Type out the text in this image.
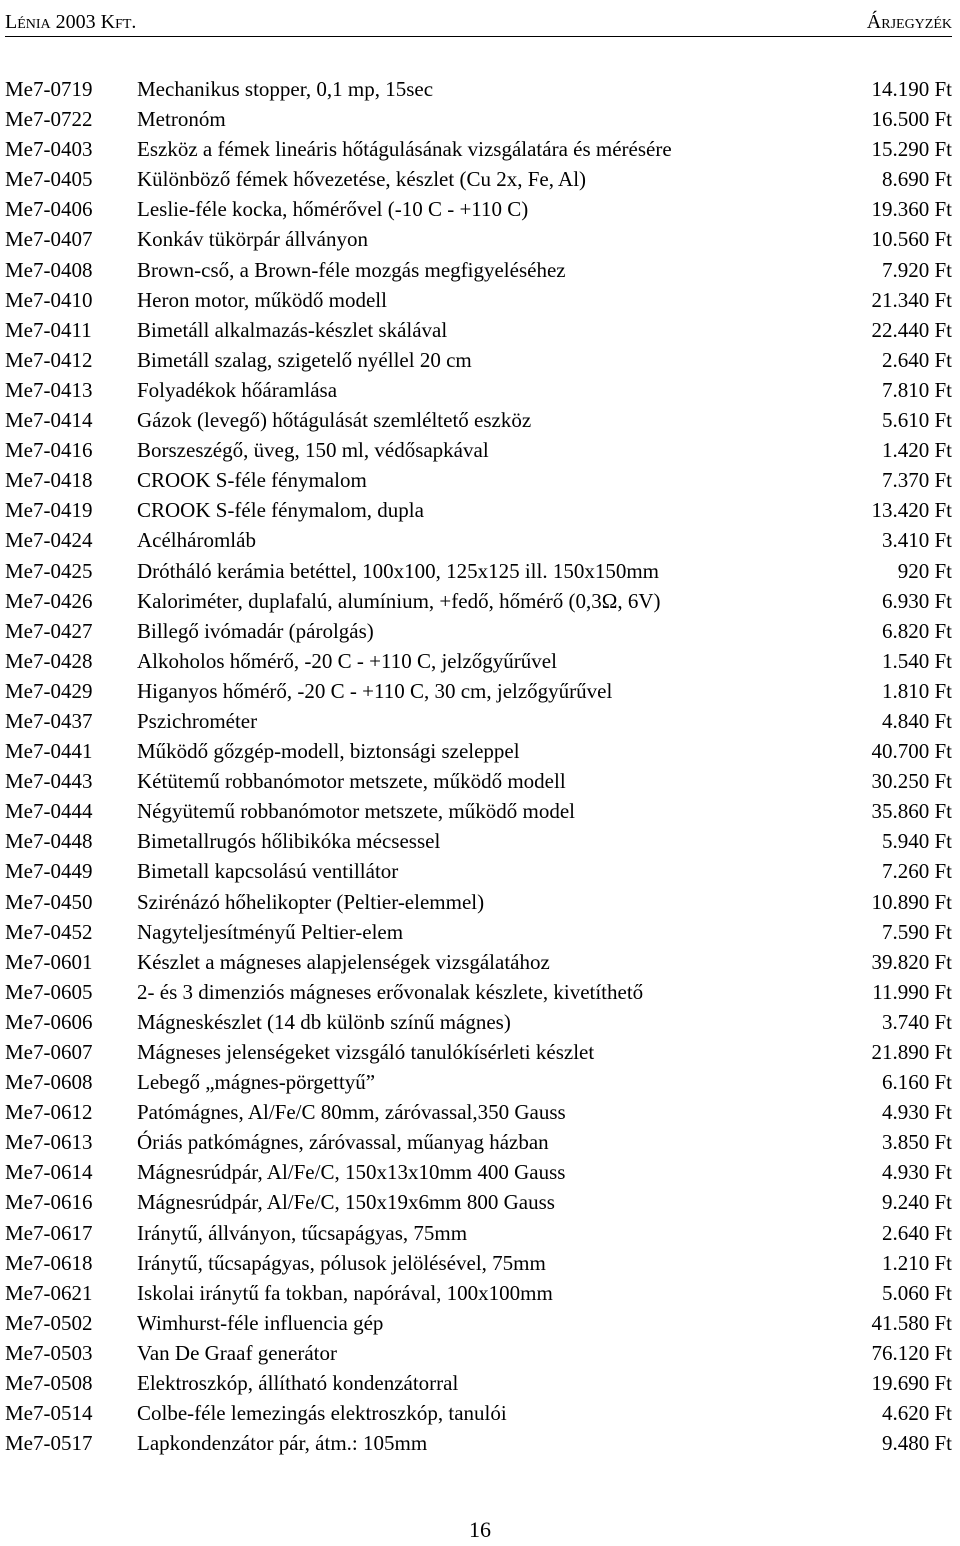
Lénia 2003 Kft.	Árjegyzék
Me7-0719 Mechanikus stopper, 0,1 mp, 15sec	14.190 Ft
Me7-0722 Metronóm	16.500 Ft
Me7-0403 Eszköz a fémek lineáris hőtágulásának vizsgálatára és mérésére	15.290 Ft
Me7-0405 Különböző fémek hővezetése, készlet (Cu 2x, Fe, Al)	8.690 Ft
Me7-0406 Leslie-féle kocka, hőmérővel (-10 C - +110 C)	19.360 Ft
Me7-0407 Konkáv tükörpár állványon	10.560 Ft
Me7-0408 Brown-cső, a Brown-féle mozgás megfigyeléséhez	7.920 Ft
Me7-0410 Heron motor, működő modell	21.340 Ft
Me7-0411 Bimetáll alkalmazás-készlet skálával	22.440 Ft
Me7-0412 Bimetáll szalag, szigetelő nyéllel 20 cm	2.640 Ft
Me7-0413 Folyadékok hőáramlása	7.810 Ft
Me7-0414 Gázok (levegő) hőtágulását szemléltető eszköz	5.610 Ft
Me7-0416 Borszeszégő, üveg, 150 ml, védősapkával	1.420 Ft
Me7-0418 CROOK S-féle fénymalom	7.370 Ft
Me7-0419 CROOK S-féle fénymalom, dupla	13.420 Ft
Me7-0424 Acélháromláb	3.410 Ft
Me7-0425 Drótháló kerámia betéttel, 100x100, 125x125 ill. 150x150mm	920 Ft
Me7-0426 Kaloriméter, duplafalú, alumínium, +fedő, hőmérő (0,3Ω, 6V)	6.930 Ft
Me7-0427 Billegő ivómadár (párolgás)	6.820 Ft
Me7-0428 Alkoholos hőmérő, -20 C - +110 C, jelzőgyűrűvel	1.540 Ft
Me7-0429 Higanyos hőmérő, -20 C - +110 C, 30 cm, jelzőgyűrűvel	1.810 Ft
Me7-0437 Pszichrométer	4.840 Ft
Me7-0441 Működő gőzgép-modell, biztonsági szeleppel	40.700 Ft
Me7-0443 Kétütemű robbanómotor metszete, működő modell	30.250 Ft
Me7-0444 Négyütemű robbanómotor metszete, működő model	35.860 Ft
Me7-0448 Bimetallrugós hőlibikóka mécsessel	5.940 Ft
Me7-0449 Bimetall kapcsolású ventillátor	7.260 Ft
Me7-0450 Szirénázó hőhelikopter (Peltier-elemmel)	10.890 Ft
Me7-0452 Nagyteljesítményű Peltier-elem	7.590 Ft
Me7-0601 Készlet a mágneses alapjelenségek vizsgálatához	39.820 Ft
Me7-0605 2- és 3 dimenziós mágneses erővonalak készlete, kivetíthető	11.990 Ft
Me7-0606 Mágneskészlet (14 db különb színű mágnes)	3.740 Ft
Me7-0607 Mágneses jelenségeket vizsgáló tanulókísérleti készlet	21.890 Ft
Me7-0608 Lebegő „mágnes-pörgettyű”	6.160 Ft
Me7-0612 Patómágnes, Al/Fe/C 80mm, záróvassal,350 Gauss	4.930 Ft
Me7-0613 Óriás patkómágnes, záróvassal, műanyag házban	3.850 Ft
Me7-0614 Mágnesrúdpár, Al/Fe/C, 150x13x10mm 400 Gauss	4.930 Ft
Me7-0616 Mágnesrúdpár, Al/Fe/C, 150x19x6mm 800 Gauss	9.240 Ft
Me7-0617 Iránytű, állványon, tűcsapágyas, 75mm	2.640 Ft
Me7-0618 Iránytű, tűcsapágyas, pólusok jelölésével, 75mm	1.210 Ft
Me7-0621 Iskolai iránytű fa tokban, napórával, 100x100mm	5.060 Ft
Me7-0502 Wimhurst-féle influencia gép	41.580 Ft
Me7-0503 Van De Graaf generátor	76.120 Ft
Me7-0508 Elektroszkóp, állítható kondenzátorral	19.690 Ft
Me7-0514 Colbe-féle lemezingás elektroszkóp, tanulói	4.620 Ft
Me7-0517 Lapkondenzátor pár, átm.: 105mm	9.480 Ft
16
